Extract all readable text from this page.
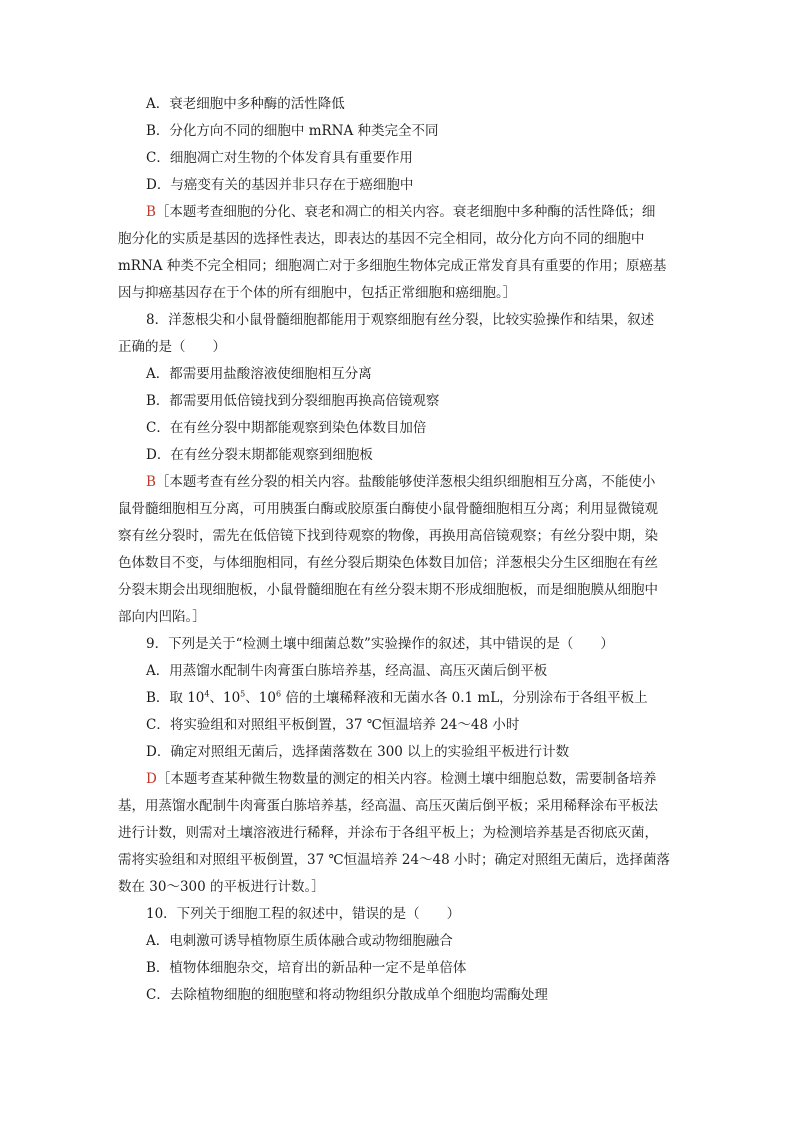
A．衰老细胞中多种酶的活性降低
B．分化方向不同的细胞中 mRNA 种类完全不同
C．细胞凋亡对生物的个体发育具有重要作用
D．与癌变有关的基因并非只存在于癌细胞中
B［本题考查细胞的分化、衰老和凋亡的相关内容。衰老细胞中多种酶的活性降低；细
胞分化的实质是基因的选择性表达，即表达的基因不完全相同，故分化方向不同的细胞中
mRNA 种类不完全相同；细胞凋亡对于多细胞生物体完成正常发育具有重要的作用；原癌基
因与抑癌基因存在于个体的所有细胞中，包括正常细胞和癌细胞。］
8．洋葱根尖和小鼠骨髓细胞都能用于观察细胞有丝分裂，比较实验操作和结果，叙述
正确的是（　　）
A．都需要用盐酸溶液使细胞相互分离
B．都需要用低倍镜找到分裂细胞再换高倍镜观察
C．在有丝分裂中期都能观察到染色体数目加倍
D．在有丝分裂末期都能观察到细胞板
B［本题考查有丝分裂的相关内容。盐酸能够使洋葱根尖组织细胞相互分离，不能使小
鼠骨髓细胞相互分离，可用胰蛋白酶或胶原蛋白酶使小鼠骨髓细胞相互分离；利用显微镜观
察有丝分裂时，需先在低倍镜下找到待观察的物像，再换用高倍镜观察；有丝分裂中期，染
色体数目不变，与体细胞相同，有丝分裂后期染色体数目加倍；洋葱根尖分生区细胞在有丝
分裂末期会出现细胞板，小鼠骨髓细胞在有丝分裂末期不形成细胞板，而是细胞膜从细胞中
部向内凹陷。］
9．下列是关于“检测土壤中细菌总数”实验操作的叙述，其中错误的是（　　）
A．用蒸馏水配制牛肉膏蛋白胨培养基，经高温、高压灭菌后倒平板
B．取 $10^4$、$10^5$、$10^6$ 倍的土壤稀释液和无菌水各 0.1 mL，分别涂布于各组平板上
C．将实验组和对照组平板倒置，37 ℃恒温培养 24～48 小时
D．确定对照组无菌后，选择菌落数在 300 以上的实验组平板进行计数
D［本题考查某种微生物数量的测定的相关内容。检测土壤中细胞总数，需要制备培养
基，用蒸馏水配制牛肉膏蛋白胨培养基，经高温、高压灭菌后倒平板；采用稀释涂布平板法
进行计数，则需对土壤溶液进行稀释，并涂布于各组平板上；为检测培养基是否彻底灭菌，
需将实验组和对照组平板倒置，37 ℃恒温培养 24～48 小时；确定对照组无菌后，选择菌落
数在 30～300 的平板进行计数。］
10．下列关于细胞工程的叙述中，错误的是（　　）
A．电刺激可诱导植物原生质体融合或动物细胞融合
B．植物体细胞杂交，培育出的新品种一定不是单倍体
C．去除植物细胞的细胞壁和将动物组织分散成单个细胞均需酶处理
